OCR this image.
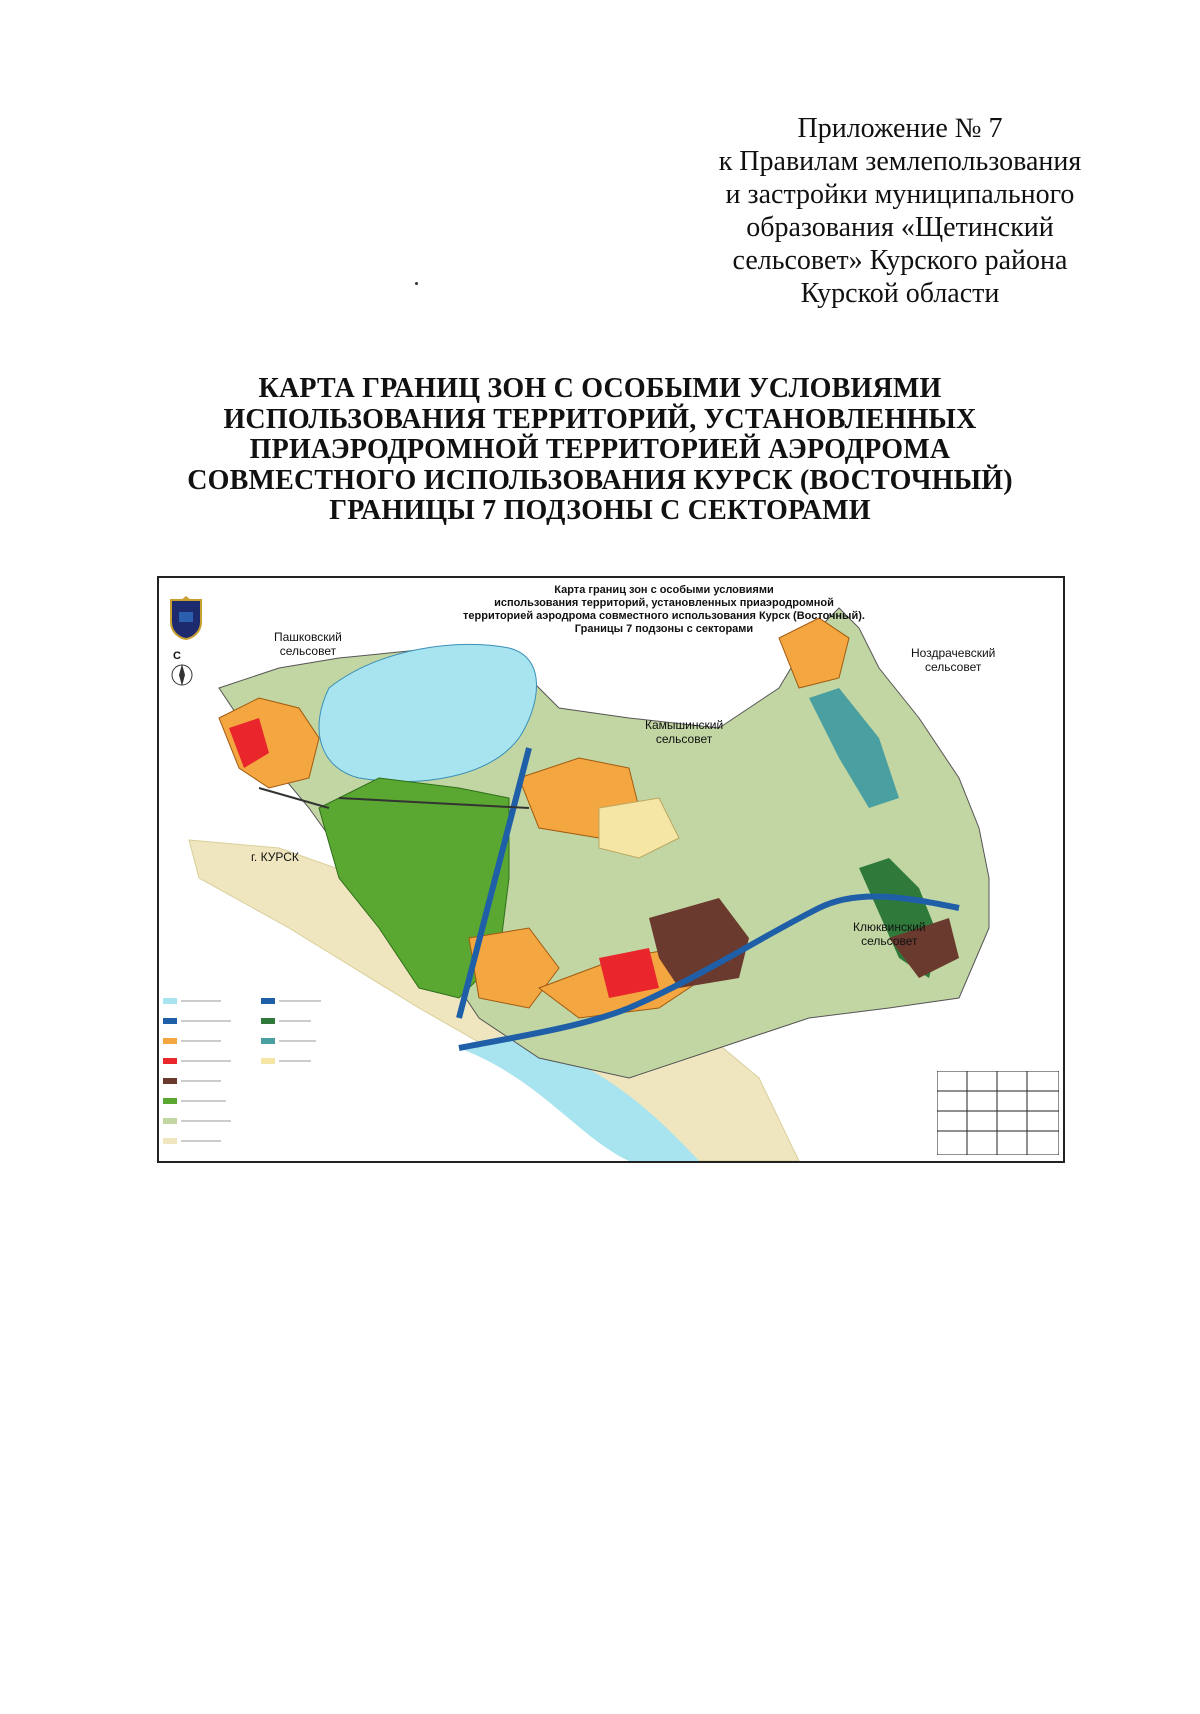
Приложение № 7
к Правилам землепользования
и застройки муниципального
образования «Щетинский
сельсовет» Курского района
Курской области
КАРТА ГРАНИЦ ЗОН С ОСОБЫМИ УСЛОВИЯМИ
ИСПОЛЬЗОВАНИЯ ТЕРРИТОРИЙ, УСТАНОВЛЕННЫХ
ПРИАЭРОДРОМНОЙ ТЕРРИТОРИЕЙ АЭРОДРОМА
СОВМЕСТНОГО ИСПОЛЬЗОВАНИЯ КУРСК (ВОСТОЧНЫЙ)
ГРАНИЦЫ 7 ПОДЗОНЫ С СЕКТОРАМИ
Карта границ зон с особыми условиями
использования территорий, установленных приаэродромной
территорией аэродрома совместного использования Курск (Восточный).
Границы 7 подзоны с секторами
С
Пашковский
сельсовет	Ноздрачевский
сельсовет
Камышинский
сельсовет
Клюквинский
сельсовет
г. КУРСК
